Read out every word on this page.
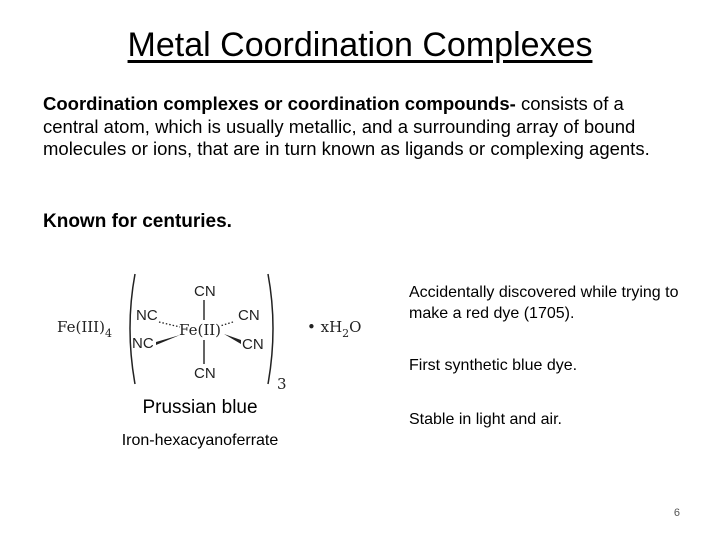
Metal Coordination Complexes
Coordination complexes or coordination compounds- consists of a central atom, which is usually metallic, and a surrounding array of bound molecules or ions, that are in turn known as ligands or complexing agents.
Known for centuries.
$Fe(III)_4$
3
CN
NC	CN
NC	CN
CN
Fe(II)	• $xH_2O$
Prussian blue
Iron-hexacyanoferrate
Accidentally discovered while trying to make a red dye (1705).
First synthetic blue dye.
Stable in light and air.
6
